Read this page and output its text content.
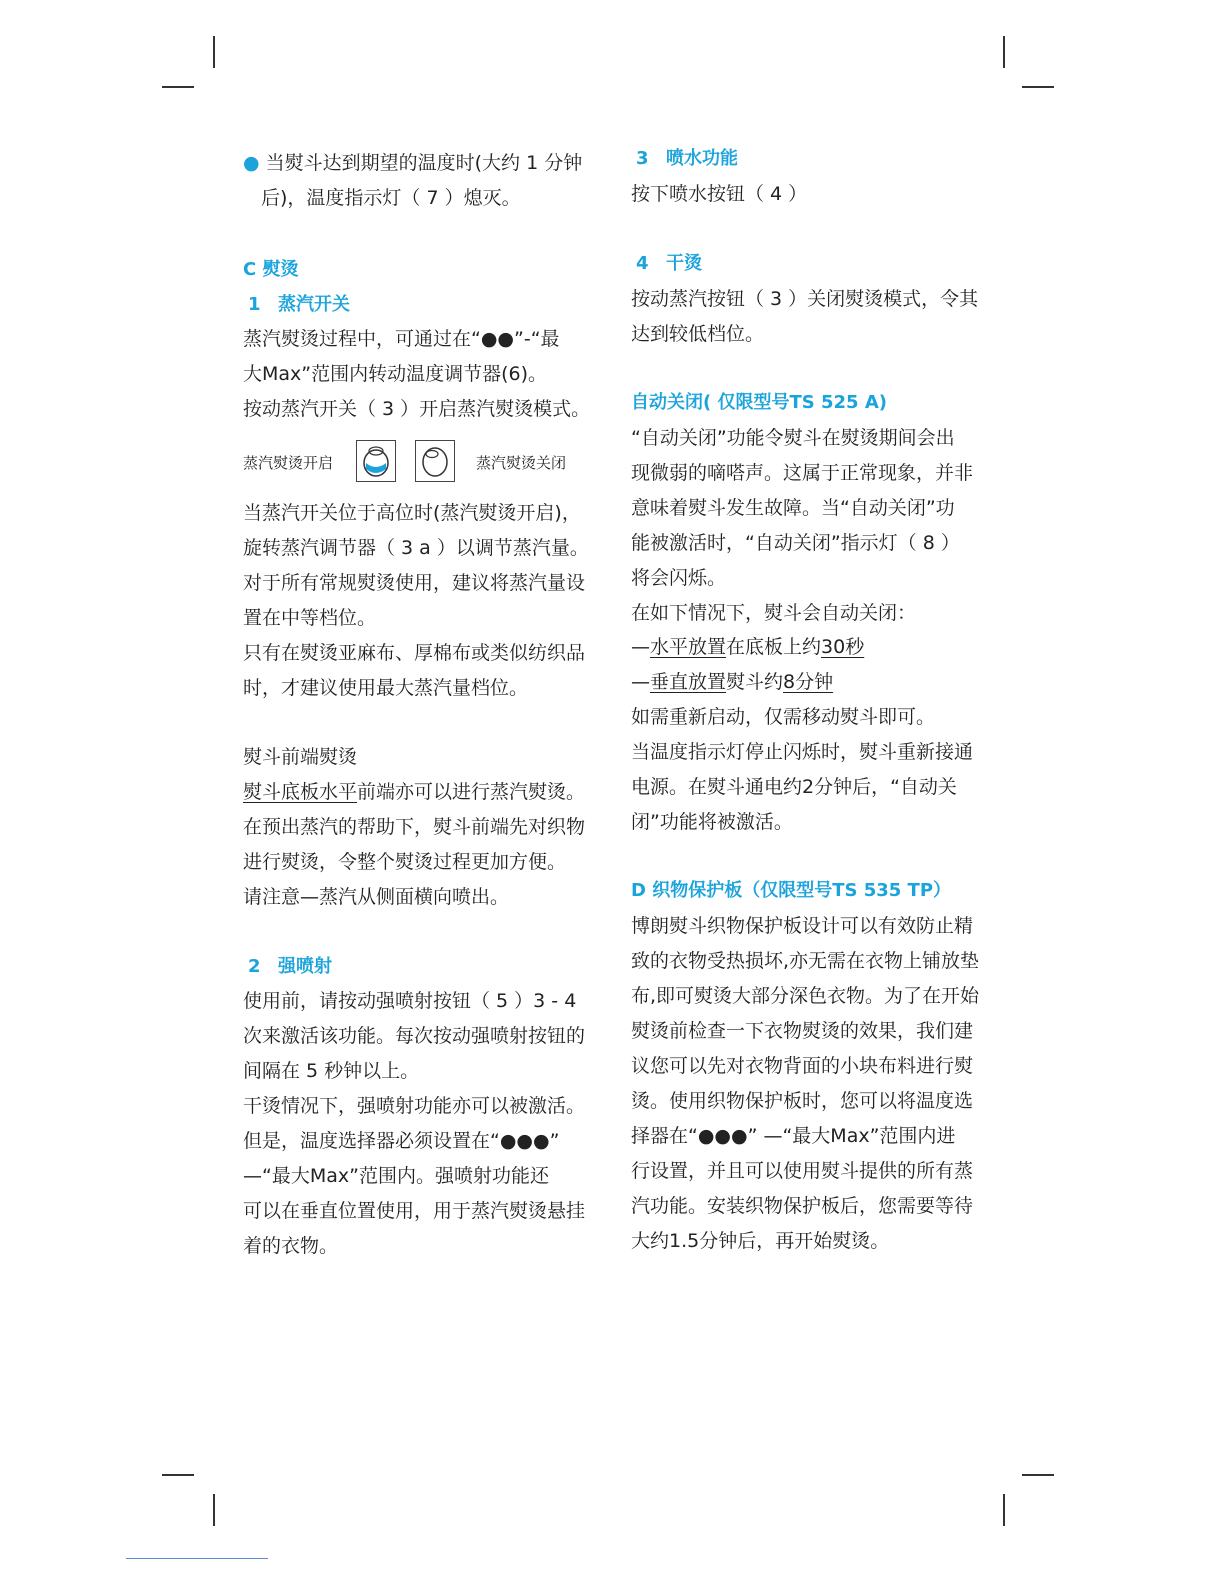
● 当熨斗达到期望的温度时(大约 1 分钟
后)，温度指示灯（ 7 ）熄灭。
C 熨烫
1 蒸汽开关
蒸汽熨烫过程中，可通过在“●●”-“最
大Max”范围内转动温度调节器(6)。
按动蒸汽开关（ 3 ）开启蒸汽熨烫模式。
蒸汽熨烫开启	蒸汽熨烫关闭
当蒸汽开关位于高位时(蒸汽熨烫开启)，
旋转蒸汽调节器（ 3 a ）以调节蒸汽量。
对于所有常规熨烫使用，建议将蒸汽量设
置在中等档位。
只有在熨烫亚麻布、厚棉布或类似纺织品
时，才建议使用最大蒸汽量档位。
熨斗前端熨烫
熨斗底板水平前端亦可以进行蒸汽熨烫。
在预出蒸汽的帮助下，熨斗前端先对织物
进行熨烫，令整个熨烫过程更加方便。
请注意—蒸汽从侧面横向喷出。
2 强喷射
使用前，请按动强喷射按钮（ 5 ）3 - 4
次来激活该功能。每次按动强喷射按钮的
间隔在 5 秒钟以上。
干烫情况下，强喷射功能亦可以被激活。
但是，温度选择器必须设置在“●●●”
—“最大Max”范围内。强喷射功能还
可以在垂直位置使用，用于蒸汽熨烫悬挂
着的衣物。
3 喷水功能
按下喷水按钮（ 4 ）
4 干烫
按动蒸汽按钮（ 3 ）关闭熨烫模式，令其
达到较低档位。
自动关闭( 仅限型号TS 525 A)
“自动关闭”功能令熨斗在熨烫期间会出
现微弱的嘀嗒声。这属于正常现象，并非
意味着熨斗发生故障。当“自动关闭”功
能被激活时，“自动关闭”指示灯（ 8 ）
将会闪烁。
在如下情况下，熨斗会自动关闭：
—水平放置在底板上约30秒
—垂直放置熨斗约8分钟
如需重新启动，仅需移动熨斗即可。
当温度指示灯停止闪烁时，熨斗重新接通
电源。在熨斗通电约2分钟后，“自动关
闭”功能将被激活。
D 织物保护板（仅限型号TS 535 TP）
博朗熨斗织物保护板设计可以有效防止精
致的衣物受热损坏,亦无需在衣物上铺放垫
布,即可熨烫大部分深色衣物。为了在开始
熨烫前检查一下衣物熨烫的效果，我们建
议您可以先对衣物背面的小块布料进行熨
烫。使用织物保护板时，您可以将温度选
择器在“●●●” —“最大Max”范围内进
行设置，并且可以使用熨斗提供的所有蒸
汽功能。安装织物保护板后，您需要等待
大约1.5分钟后，再开始熨烫。
